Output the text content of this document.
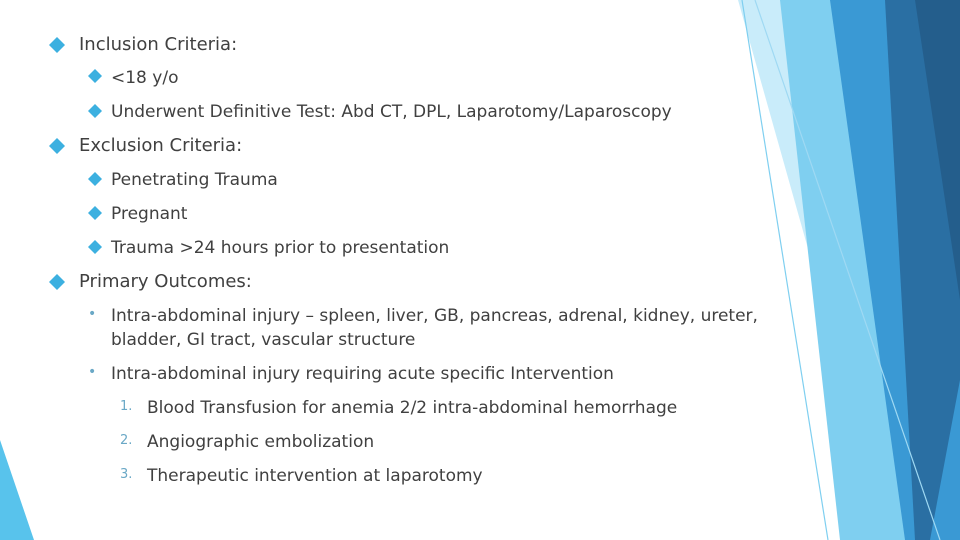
Inclusion Criteria:
<18 y/o
Underwent Definitive Test: Abd CT, DPL, Laparotomy/Laparoscopy
Exclusion Criteria:
Penetrating Trauma
Pregnant
Trauma >24 hours prior to presentation
Primary Outcomes:
• Intra-abdominal injury – spleen, liver, GB, pancreas, adrenal, kidney, ureter,
bladder, GI tract, vascular structure
• Intra-abdominal injury requiring acute specific Intervention
1. Blood Transfusion for anemia 2/2 intra-abdominal hemorrhage
2. Angiographic embolization
3. Therapeutic intervention at laparotomy
